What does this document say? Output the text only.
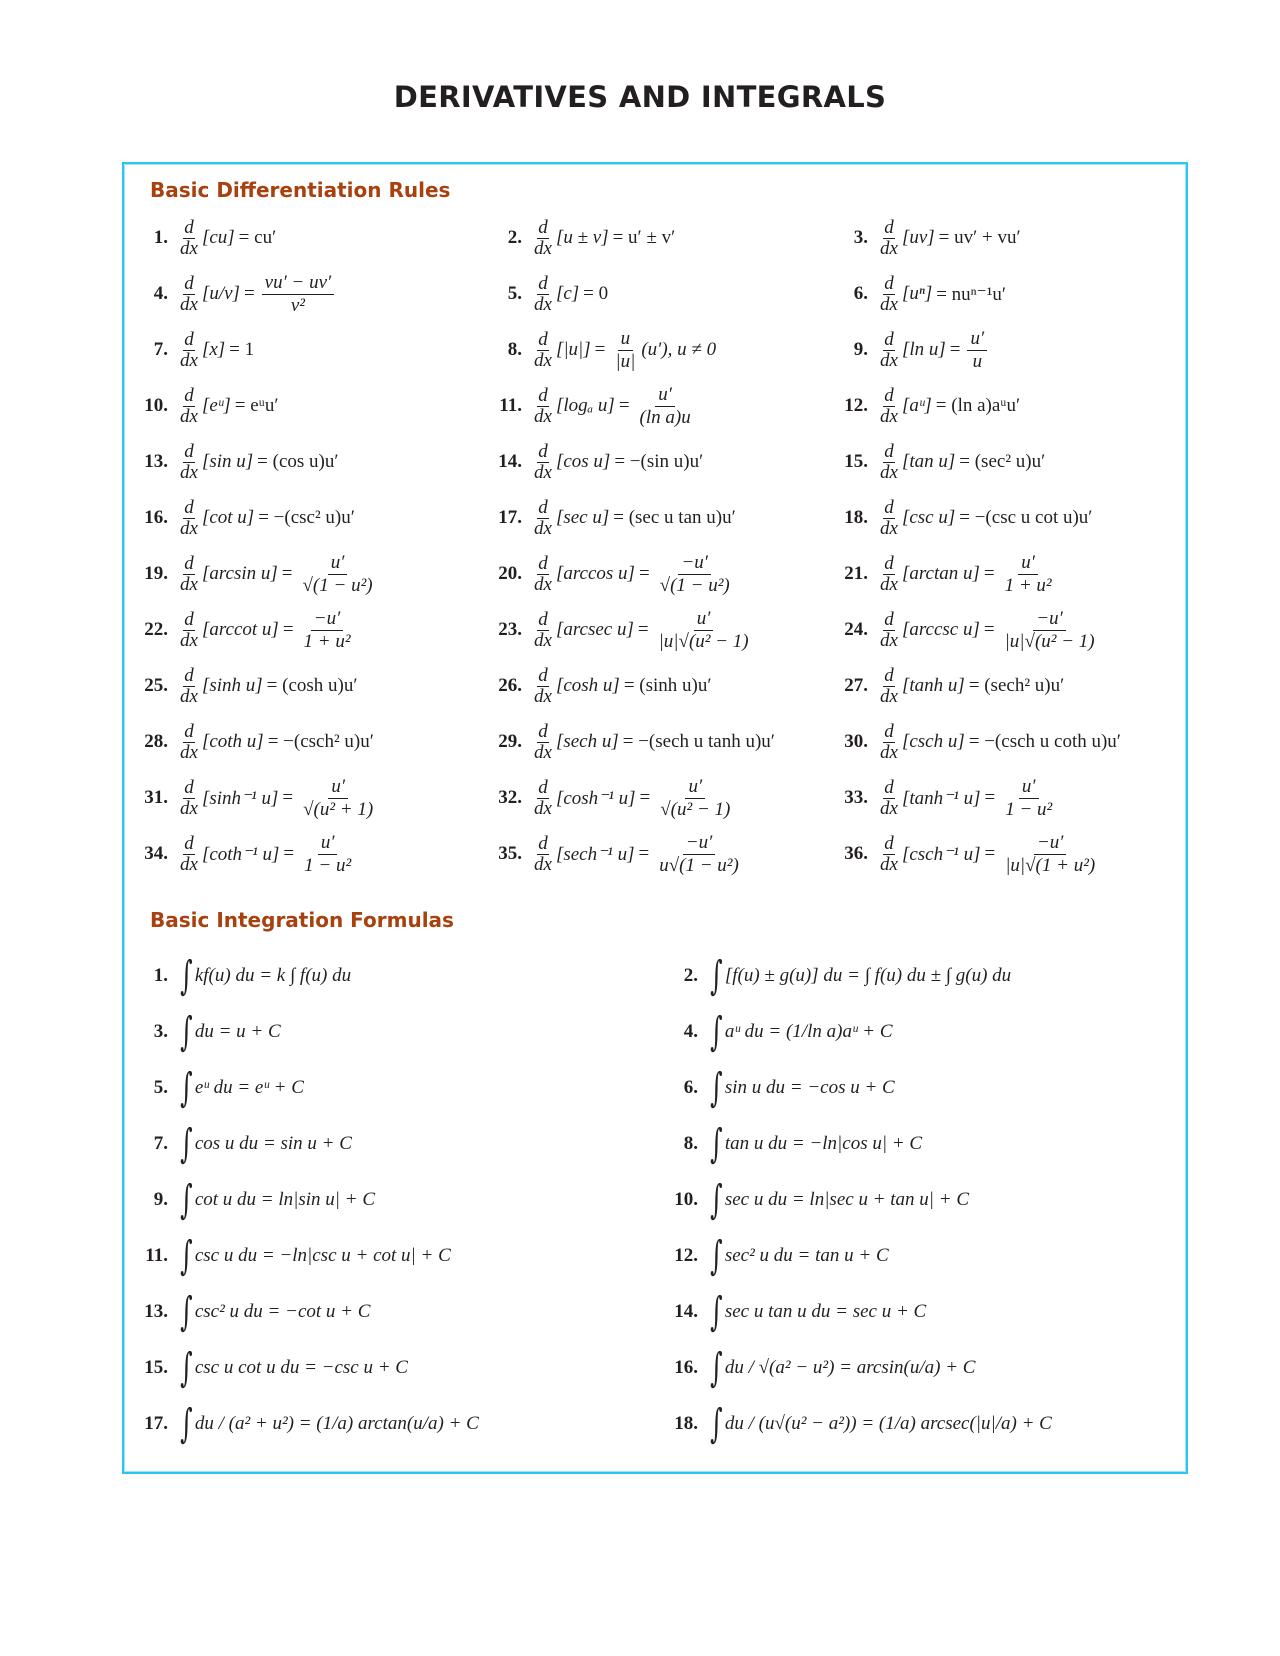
DERIVATIVES AND INTEGRALS
Basic Differentiation Rules
1. $\frac{d}{dx} [cu] = cu'$	2. $\frac{d}{dx} [u \pm v] = u' \pm v'$	3. $\frac{d}{dx} [uv] = uv' + vu'$
4. $\frac{d}{dx} [u/v] = \frac{vu' - uv'}{\text{v²}}$	5. $\frac{d}{dx} [c] = 0$	6. $\frac{d}{dx} [u^n] = nu^{n-1}u'$
7. $\frac{d}{dx} [x] = 1$	8. $\frac{d}{dx} [|u|] = \frac{u}{|u|} (u')$, u ≠ 0	9. $\frac{d}{dx} [\ln$ $u] = \frac{u'}{u}$
10. $\frac{d}{dx}$ [eᵘ] = eᵘu′	11. $\frac{d}{dx} [\log_a$ $u] = \frac{u'}{\text{(ln a)u}}$	12. $\frac{d}{dx}$ [aᵘ] = (ln a)aᵘu′
13. $\frac{d}{dx} [\sin$ u] = (cos u)u′	14. $\frac{d}{dx} [\cos$ u] = −(sin u)u′	15. $\frac{d}{dx} [\tan$ u] = (sec² u)u′
16. $\frac{d}{dx} [\cot$ u] = −(csc² u)u′	17. $\frac{d}{dx} [\sec$ u] = (sec u tan u)u′	18. $\frac{d}{dx} [\csc$ u] = −(csc u cot u)u′
19. $\frac{d}{dx} [\arcsin$ $u] = \frac{u'}{\text{√(1 − u²)}}$	20. $\frac{d}{dx} [\arccos$ $u] = \frac{-u'}{\text{√(1 − u²)}}$	21. $\frac{d}{dx} [\arctan$ $u] = \frac{u'}{\text{1 + u²}}$
22. $\frac{d}{dx} [arccot$ $u] = \frac{-u'}{\text{1 + u²}}$	23. $\frac{d}{dx} [arcsec$ $u] = \frac{u'}{\text{|u|√(u² − 1)}}$	24. $\frac{d}{dx} [arccsc$ $u] = \frac{-u'}{\text{|u|√(u² − 1)}}$
25. $\frac{d}{dx} [\sinh$ u] = (cosh u)u′	26. $\frac{d}{dx} [\cosh$ u] = (sinh u)u′	27. $\frac{d}{dx} [\tanh$ u] = (sech² u)u′
28. $\frac{d}{dx} [\cot h$ u] = −(csch² u)u′	29. $\frac{d}{dx} [\sec h$ u] = −(sech u tanh u)u′	30. $\frac{d}{dx} [\csc h$ u] = −(csch u coth u)u′
31. $\frac{d}{dx} [\sinh^{-1}$ $u] = \frac{u'}{\text{√(u² + 1)}}$	32. $\frac{d}{dx} [\cosh^{-1}$ $u] = \frac{u'}{\text{√(u² − 1)}}$	33. $\frac{d}{dx} [\tanh^{-1}$ $u] = \frac{u'}{\text{1 − u²}}$
34. $\frac{d}{dx} [\cot h^{-1}$ $u] = \frac{u'}{\text{1 − u²}}$	35. $\frac{d}{dx} [\sec h^{-1}$ $u] = \frac{-u'}{\text{u√(1 − u²)}}$	36. $\frac{d}{dx} [\csc h^{-1}$ $u] = \frac{-u'}{\text{|u|√(1 + u²)}}$
Basic Integration Formulas
1. ∫ kf(u) du = k ∫ f(u) du	2. ∫ [f(u) ± g(u)] du = ∫ f(u) du ± ∫ g(u) du
3. ∫ du = u + C	4. ∫ aᵘ du = (1/ln a)aᵘ + C
5. ∫ eᵘ du = eᵘ + C	6. ∫ sin u du = −cos u + C
7. ∫ cos u du = sin u + C	8. ∫ tan u du = −ln|cos u| + C
9. ∫ cot u du = ln|sin u| + C	10. ∫ sec u du = ln|sec u + tan u| + C
11. ∫ csc u du = −ln|csc u + cot u| + C	12. ∫ sec² u du = tan u + C
13. ∫ csc² u du = −cot u + C	14. ∫ sec u tan u du = sec u + C
15. ∫ csc u cot u du = −csc u + C	16. ∫ du / √(a² − u²) = arcsin(u/a) + C
17. ∫ du / (a² + u²) = (1/a) arctan(u/a) + C	18. ∫ du / (u√(u² − a²)) = (1/a) arcsec(|u|/a) + C
